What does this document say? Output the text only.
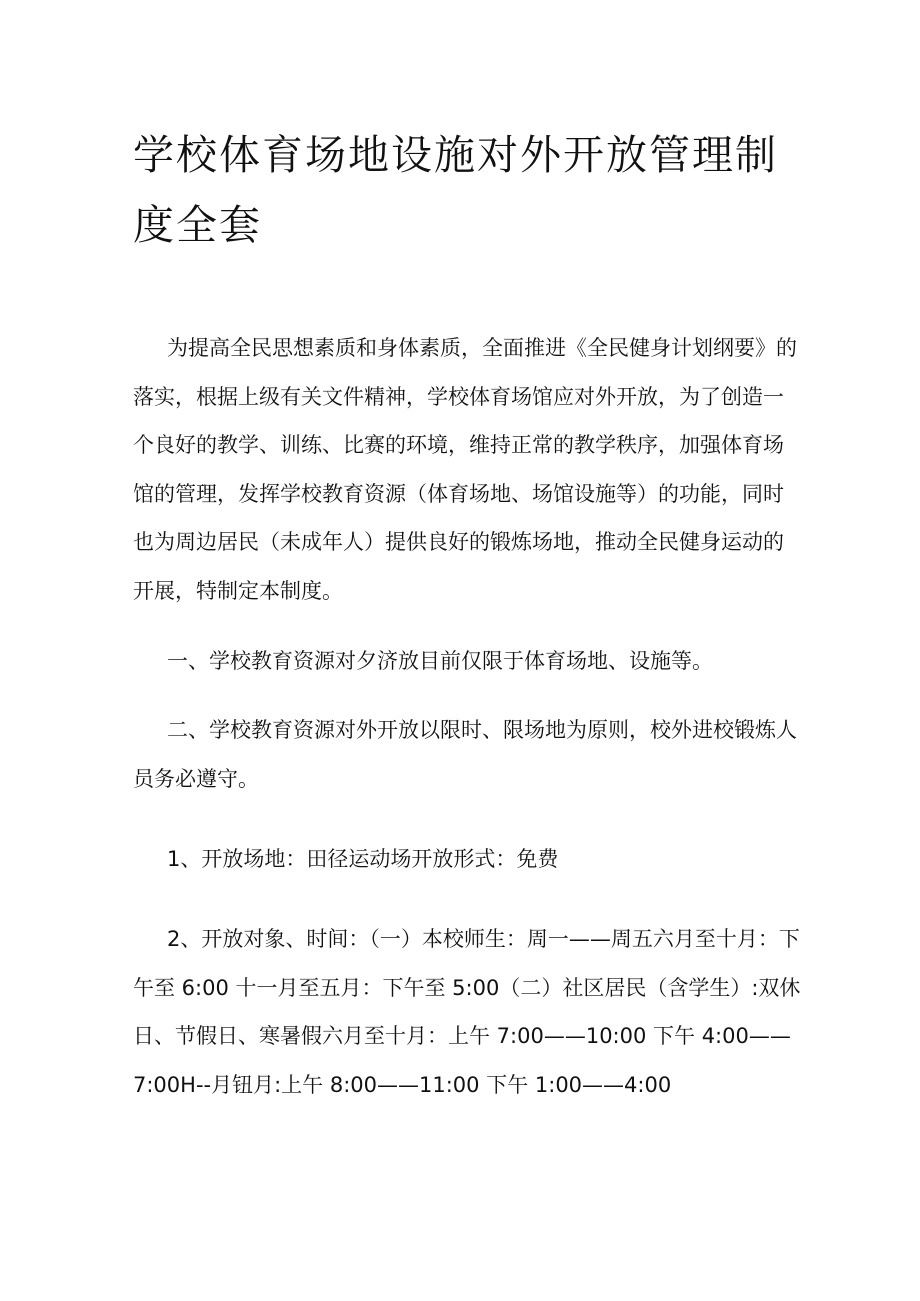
学校体育场地设施对外开放管理制度全套

为提高全民思想素质和身体素质，全面推进《全民健身计划纲要》的落实，根据上级有关文件精神，学校体育场馆应对外开放，为了创造一个良好的教学、训练、比赛的环境，维持正常的教学秩序，加强体育场馆的管理，发挥学校教育资源（体育场地、场馆设施等）的功能，同时也为周边居民（未成年人）提供良好的锻炼场地，推动全民健身运动的开展，特制定本制度。

一、学校教育资源对夕济放目前仅限于体育场地、设施等。

二、学校教育资源对外开放以限时、限场地为原则，校外进校锻炼人员务必遵守。

1、开放场地：田径运动场开放形式：免费

2、开放对象、时间：（一）本校师生：周一——周五六月至十月：下午至 6:00 十一月至五月：下午至 5:00（二）社区居民（含学生）:双休日、节假日、寒暑假六月至十月：上午 7:00——10:00 下午 4:00——7:00H--月钮月:上午 8:00——11:00 下午 1:00——4:00
